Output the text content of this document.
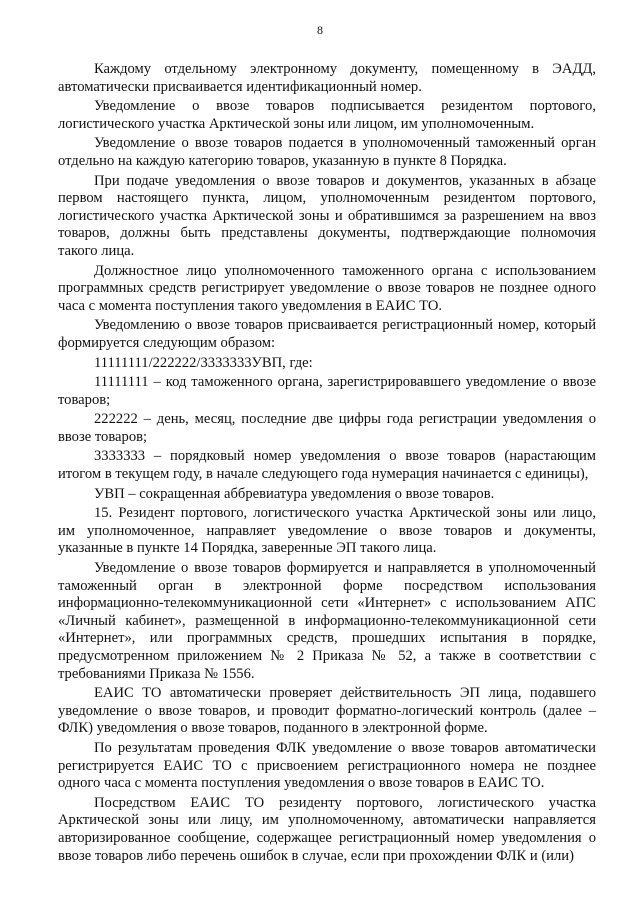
8

Каждому отдельному электронному документу, помещенному в ЭАДД, автоматически присваивается идентификационный номер.

Уведомление о ввозе товаров подписывается резидентом портового, логистического участка Арктической зоны или лицом, им уполномоченным.

Уведомление о ввозе товаров подается в уполномоченный таможенный орган отдельно на каждую категорию товаров, указанную в пункте 8 Порядка.

При подаче уведомления о ввозе товаров и документов, указанных в абзаце первом настоящего пункта, лицом, уполномоченным резидентом портового, логистического участка Арктической зоны и обратившимся за разрешением на ввоз товаров, должны быть представлены документы, подтверждающие полномочия такого лица.

Должностное лицо уполномоченного таможенного органа с использованием программных средств регистрирует уведомление о ввозе товаров не позднее одного часа с момента поступления такого уведомления в ЕАИС ТО.

Уведомлению о ввозе товаров присваивается регистрационный номер, который формируется следующим образом:

11111111/222222/3333333УВП, где:

11111111 – код таможенного органа, зарегистрировавшего уведомление о ввозе товаров;

222222 – день, месяц, последние две цифры года регистрации уведомления о ввозе товаров;

3333333 – порядковый номер уведомления о ввозе товаров (нарастающим итогом в текущем году, в начале следующего года нумерация начинается с единицы),

УВП – сокращенная аббревиатура уведомления о ввозе товаров.

15. Резидент портового, логистического участка Арктической зоны или лицо, им уполномоченное, направляет уведомление о ввозе товаров и документы, указанные в пункте 14 Порядка, заверенные ЭП такого лица.

Уведомление о ввозе товаров формируется и направляется в уполномоченный таможенный орган в электронной форме посредством использования информационно-телекоммуникационной сети «Интернет» с использованием АПС «Личный кабинет», размещенной в информационно-телекоммуникационной сети «Интернет», или программных средств, прошедших испытания в порядке, предусмотренном приложением № 2 Приказа № 52, а также в соответствии с требованиями Приказа № 1556.

ЕАИС ТО автоматически проверяет действительность ЭП лица, подавшего уведомление о ввозе товаров, и проводит форматно-логический контроль (далее – ФЛК) уведомления о ввозе товаров, поданного в электронной форме.

По результатам проведения ФЛК уведомление о ввозе товаров автоматически регистрируется ЕАИС ТО с присвоением регистрационного номера не позднее одного часа с момента поступления уведомления о ввозе товаров в ЕАИС ТО.

Посредством ЕАИС ТО резиденту портового, логистического участка Арктической зоны или лицу, им уполномоченному, автоматически направляется авторизированное сообщение, содержащее регистрационный номер уведомления о ввозе товаров либо перечень ошибок в случае, если при прохождении ФЛК и (или)
